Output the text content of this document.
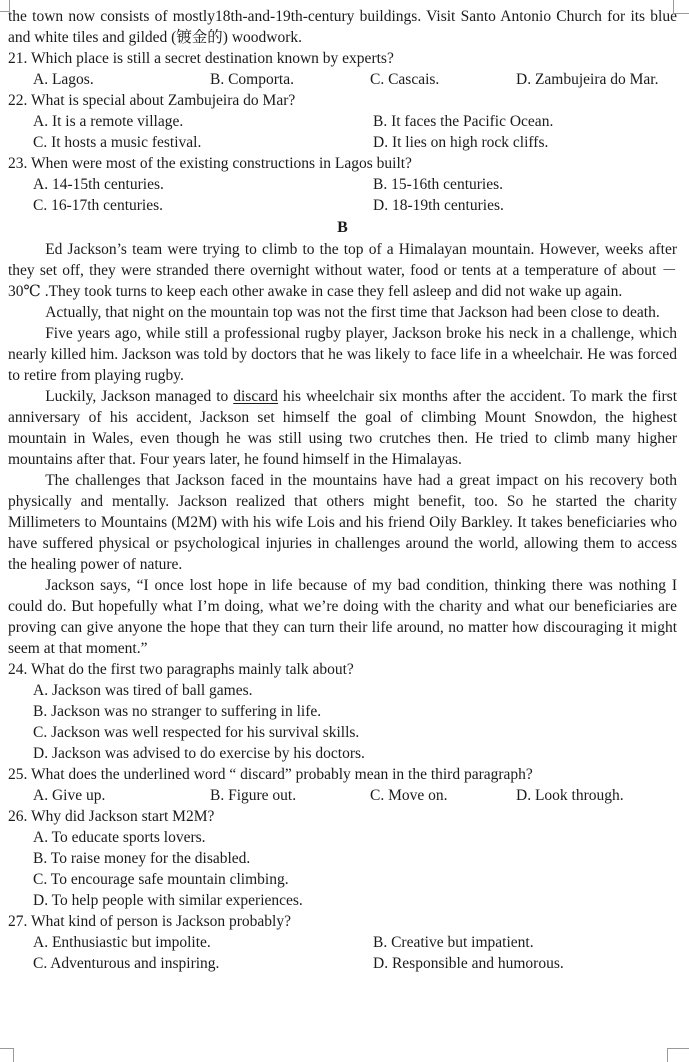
the town now consists of mostly18th-and-19th-century buildings. Visit Santo Antonio Church for its blue and white tiles and gilded (镀金的) woodwork.
21. Which place is still a secret destination known by experts?
A. Lagos.	B. Comporta.	C. Cascais.	D. Zambujeira do Mar.
22. What is special about Zambujeira do Mar?
A. It is a remote village.	B. It faces the Pacific Ocean.
C. It hosts a music festival.	D. It lies on high rock cliffs.
23. When were most of the existing constructions in Lagos built?
A. 14-15th centuries.	B. 15-16th centuries.
C. 16-17th centuries.	D. 18-19th centuries.
B
Ed Jackson’s team were trying to climb to the top of a Himalayan mountain. However, weeks after they set off, they were stranded there overnight without water, food or tents at a temperature of about － 30℃ .They took turns to keep each other awake in case they fell asleep and did not wake up again.
Actually, that night on the mountain top was not the first time that Jackson had been close to death.
Five years ago, while still a professional rugby player, Jackson broke his neck in a challenge, which nearly killed him. Jackson was told by doctors that he was likely to face life in a wheelchair. He was forced to retire from playing rugby.
Luckily, Jackson managed to discard his wheelchair six months after the accident. To mark the first anniversary of his accident, Jackson set himself the goal of climbing Mount Snowdon, the highest mountain in Wales, even though he was still using two crutches then. He tried to climb many higher mountains after that. Four years later, he found himself in the Himalayas.
The challenges that Jackson faced in the mountains have had a great impact on his recovery both physically and mentally. Jackson realized that others might benefit, too. So he started the charity Millimeters to Mountains (M2M) with his wife Lois and his friend Oily Barkley. It takes beneficiaries who have suffered physical or psychological injuries in challenges around the world, allowing them to access the healing power of nature.
Jackson says, “I once lost hope in life because of my bad condition, thinking there was nothing I could do. But hopefully what I’m doing, what we’re doing with the charity and what our beneficiaries are proving can give anyone the hope that they can turn their life around, no matter how discouraging it might seem at that moment.”
24. What do the first two paragraphs mainly talk about?
A. Jackson was tired of ball games.
B. Jackson was no stranger to suffering in life.
C. Jackson was well respected for his survival skills.
D. Jackson was advised to do exercise by his doctors.
25. What does the underlined word “ discard” probably mean in the third paragraph?
A. Give up.	B. Figure out.	C. Move on.	D. Look through.
26. Why did Jackson start M2M?
A. To educate sports lovers.
B. To raise money for the disabled.
C. To encourage safe mountain climbing.
D. To help people with similar experiences.
27. What kind of person is Jackson probably?
A. Enthusiastic but impolite.	B. Creative but impatient.
C. Adventurous and inspiring.	D. Responsible and humorous.
